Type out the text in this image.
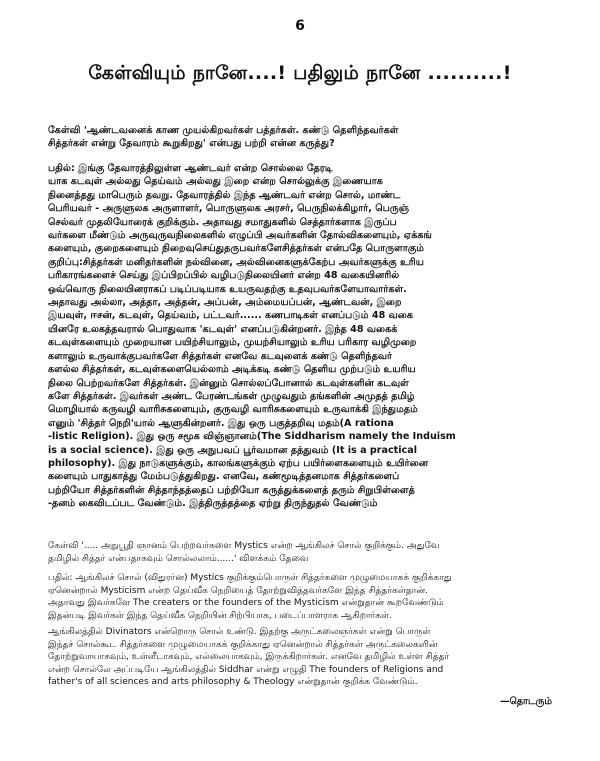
6
கேள்வியும் நானே....! பதிலும் நானே ..........!
கேள்வி 'ஆண்டவனைக் காண முயல்கிறவர்கள் பத்தர்கள். கண்டு தெளிந்தவர்கள்
சித்தர்கள் என்று தேவாரம் கூறுகிறது' என்பது பற்றி என்ன கருத்து?
பதில்: இங்கு தேவாரத்திலுள்ள ஆண்டவர் என்ற சொல்லை தேரடி
யாக கடவுள் அல்லது தெய்வம் அல்லது இறை என்ற சொல்லுக்கு இணையாக
நினைத்தது மாபெரும் தவறு. தேவாரத்தில் இந்த ஆண்டவர் என்ற சொல், மாண்ட
பெரியவர் - அருளுலக அருளாளர், பொருளுலக அரசர், பெருநிலக்கிழார், பெருஞ்
செல்வர் முதலியோரைக் குறிக்கும். அதாவது சமாதுகளில் செத்தார்களாக இருப்ப
வர்களை மீண்டும் அருவுருவநிலைகளில் எழுப்பி அவர்களின் தோல்விகளையும், ஏக்கங்
களையும், குறைகளையும் நிறைவுசெய்துதருபவர்களேசித்தர்கள் என்பதே பொருளாகும்
குறிப்பு:சித்தர்கள் மனிதர்களின் நல்வினை, அல்வினைகளுக்கேற்ப அவர்களுக்கு உரிய
பரிகாரங்களைச் செய்து இப்பிறப்பில் வழிபடுநிலையினர் என்ற 48 வகையினரில்
ஒவ்வொரு நிலையினராகப் படிப்படியாக உயருவதற்கு உதவுபவர்களேயாவார்கள்.
அதாவது அல்லா, அத்தா, அத்தன், அப்பன், அம்மையப்பன், ஆண்டவன், இறை
இயவுள், ஈசன், கடவுள், தெய்வம், பட்டவர்...... கணபாடிகள் எனப்படும் 48 வகை
யினரே உலகத்தவரால் பொதுவாக 'கடவுள்' எனப்படுகின்றனர். இந்த 48 வகைக்
கடவுள்களையும் முறையான பயிற்சியாலும், முயற்சியாலும் உரிய பரிகார வழிமுறை
களாலும் உருவாக்குபவர்களே சித்தர்கள் எனவே கடவுளைக் கண்டு தெளிந்தவர்
களல்ல சித்தர்கள், கடவுள்களையெல்லாம் அடிக்கடி கண்டு தெளிய முற்படும் உயரிய
நிலை பெற்றவர்களே சித்தர்கள். இன்னும் சொல்லப்போனால் கடவுள்களின் கடவுள்
களே சித்தர்கள். இவர்கள் அண்ட பேரண்டங்கள் முழுவதும் தங்களின் அமுதத் தமிழ்
மொழியால் கருவழி வாரிசுகளையும், குருவழி வாரிசுகளையும் உருவாக்கி இந்துமதம்
எனும் 'சித்தர் நெறி'யால் ஆளுகின்றனர். இது ஒரு பகுத்தறிவு மதம்(A rationa
-listic Religion). இது ஒரு சமூக விஞ்ஞானம்(The Siddharism namely the Induism
is a social science). இது ஒரு அநுபவப் பூர்வமான தத்துவம் (It is a practical
philosophy). இது நாடுகளுக்கும், காலங்களுக்கும் ஏற்ப பயிர்ளைகளையும் உயிர்னை
களையும் பாதுகாத்து மேம்படுத்துகிறது. எனவே, கண்மூடித்தனமாக சித்தர்களைப்
பற்றியோ சித்தர்களின் சித்தாந்தத்தைப் பற்றியோ கருத்துக்களைத் தரும் சிறுபிள்ளைத்
-தனம் கைவிடப்பட வேண்டும். இத்திருத்தத்தை ஏற்று திருந்துதல் வேண்டும்
கேள்வி '..... அநுபூதி ஞானம் பெற்றவர்களை Mystics என்ற ஆங்கிலச் சொல் குறிக்கும். அதுவே
தமிழில் சித்தர் என்பதாகவும் சொல்லலாம்......' விளக்கம் தேவை
பதில்: ஆங்கிலச் சொல் (விதுரர்ன) Mystics குறிக்கும்பொருள் சித்தர்களை முழுமையாகக் குறிக்காது
ஏனென்றால் Mysticism என்ற தெய்வீக நெறியைத் தோற்றுவித்தவர்களே இந்த சித்தர்கள்தான்.
அதாவது இவர்களே The creaters or the founders of the Mysticism என்றுதான் கூறவேண்டும்
இதன்படி இவர்கள் இந்த தெய்வீக நெறியின் சிற்பியாக, படைப்பாளராக ஆகிறார்கள்.
ஆங்கிலத்தில் Divinators என்றொரு சொல் உண்டு. இதற்கு அருட்கலைஞர்கள் என்று பொருள்
இந்தச் சொல்கூட சித்தர்களை முழுமையாகக் குறிக்காது ஏனென்றால் சித்தர்கள் அருட்கலைகளின்
தோற்றுவாயாகவும், உள்ளீடாகவும், எல்லையாகவும், இருக்கிறார்கள். எனவே தமிழில் உள்ள சித்தர்
என்ற சொல்லே அப்படியே ஆங்கிலத்தில் Siddhar என்று எழுதி The founders of Religions and
father's of all sciences and arts philosophy & Theology என்றுதான் குறிக்க வேண்டும்.
—தொடரும்
